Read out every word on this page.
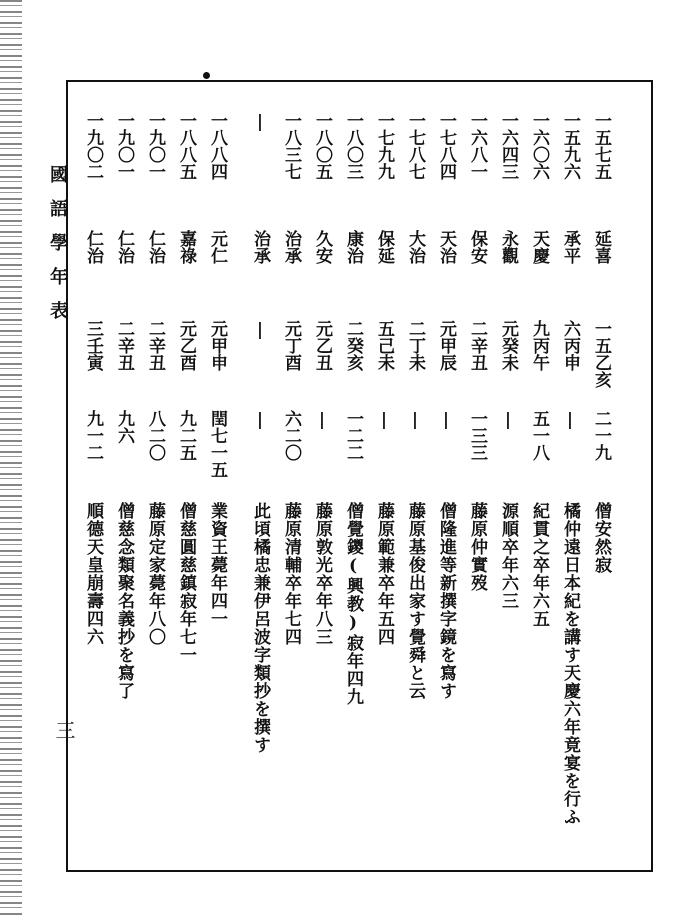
國語學年表
三
一五七五
延喜
一五乙亥
二一九
僧安然寂
一五九六
承平
六丙申
|
橘仲遠日本紀を講す天慶六年竟宴を行ふ
一六〇六
天慶
九丙午
五一八
紀貫之卒年六五
一六四三
永觀
元癸未
|
源順卒年六三
一六八一
保安
二辛丑
一三三
藤原仲實歿
一七八四
天治
元甲辰
|
僧隆進等新撰字鏡を寫す
一七八七
大治
二丁未
|
藤原基俊出家す覺舜と云
一七九九
保延
五己未
|
藤原範兼卒年五四
一八〇三
康治
二癸亥
一二二
僧覺鑁(興教)寂年四九
一八〇五
久安
元乙丑
|
藤原敦光卒年八三
一八三七
治承
元丁酉
六二〇
藤原清輔卒年七四
|
治承
|
|
此頃橘忠兼伊呂波字類抄を撰す
一八八四
元仁
元甲申
閏七一五
業資王薨年四一
一八八五
嘉祿
元乙酉
九二五
僧慈圓慈鎮寂年七一
一九〇一
仁治
二辛丑
八二〇
藤原定家薨年八〇
一九〇一
仁治
二辛丑
九六
僧慈念類聚名義抄を寫了
一九〇二
仁治
三壬寅
九一二
順德天皇崩壽四六
